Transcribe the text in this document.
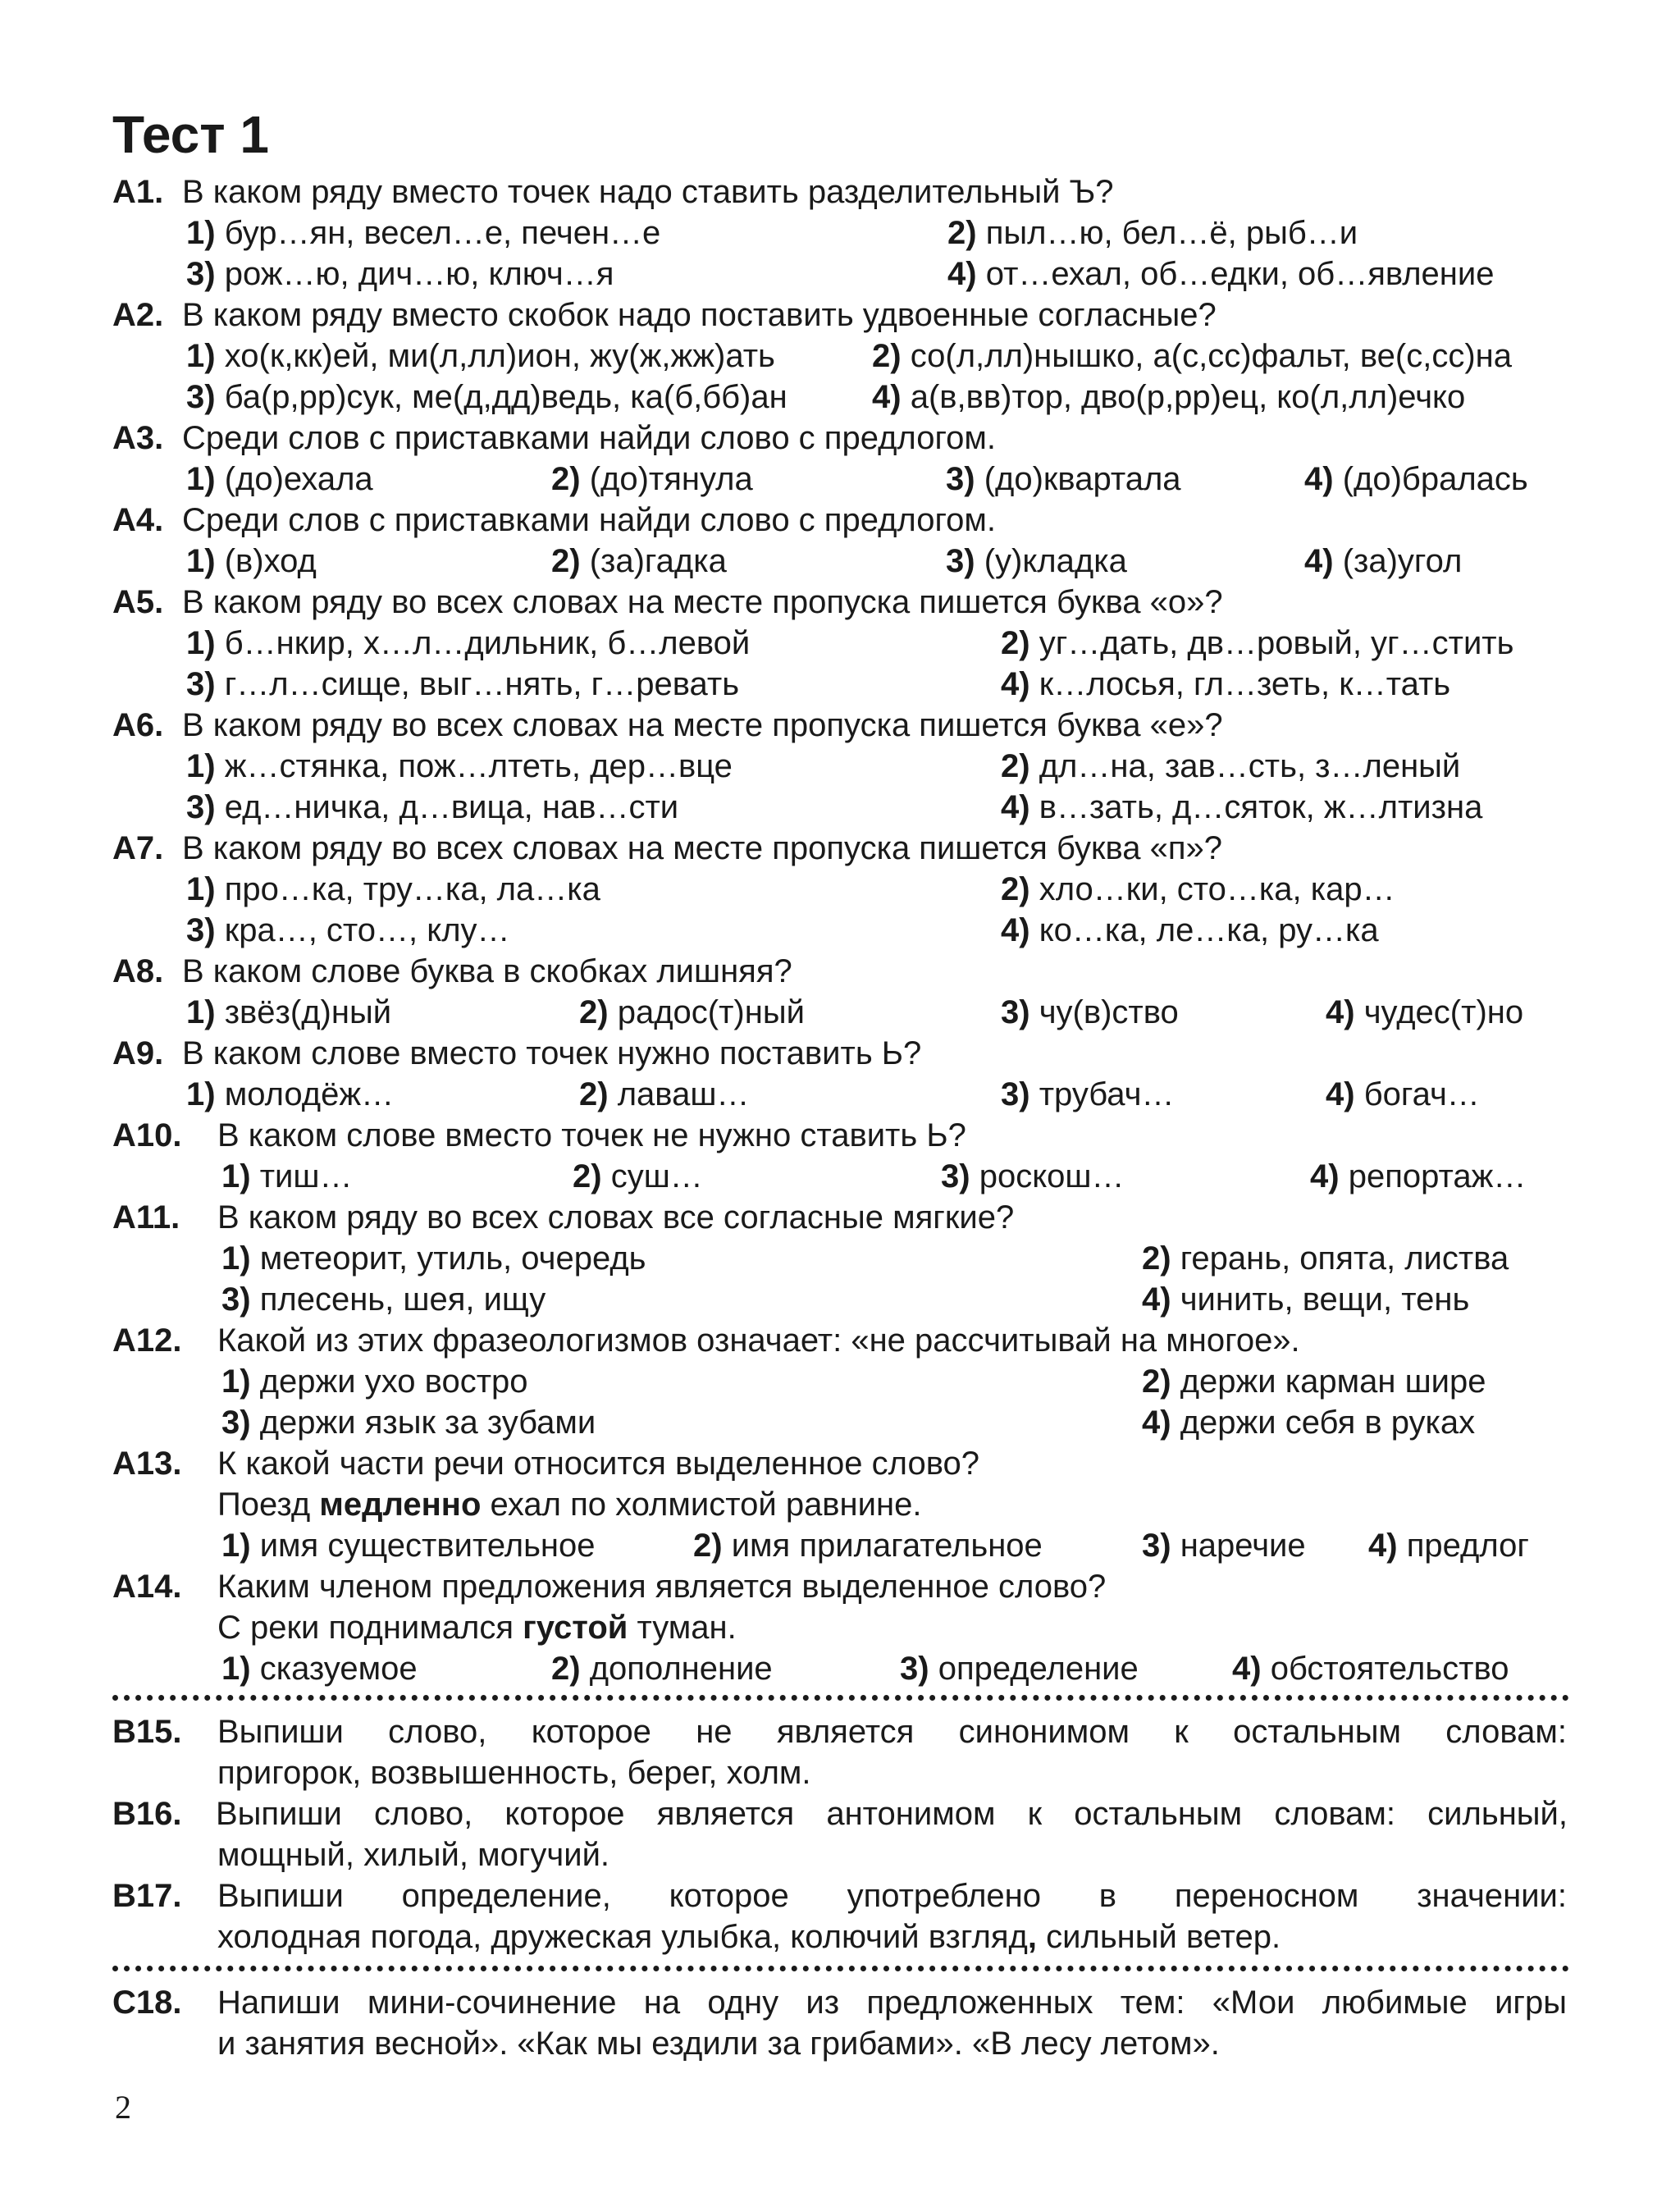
Тест 1
А1. В каком ряду вместо точек надо ставить разделительный Ъ?
1) бур…ян, весел…е, печен…е	2) пыл…ю, бел…ё, рыб…и
3) рож…ю, дич…ю, ключ…я	4) от…ехал, об…едки, об…явление
А2. В каком ряду вместо скобок надо поставить удвоенные согласные?
1) хо(к,кк)ей, ми(л,лл)ион, жу(ж,жж)ать	2) со(л,лл)нышко, а(с,сс)фальт, ве(с,сс)на
3) ба(р,рр)сук, ме(д,дд)ведь, ка(б,бб)ан	4) а(в,вв)тор, дво(р,рр)ец, ко(л,лл)ечко
А3. Среди слов с приставками найди слово с предлогом.
1) (до)ехала	2) (до)тянула	3) (до)квартала	4) (до)бралась
А4. Среди слов с приставками найди слово с предлогом.
1) (в)ход	2) (за)гадка	3) (у)кладка	4) (за)угол
А5. В каком ряду во всех словах на месте пропуска пишется буква «о»?
1) б…нкир, х…л…дильник, б…левой	2) уг…дать, дв…ровый, уг…стить
3) г…л…сище, выг…нять, г…ревать	4) к…лосья, гл…зеть, к…тать
А6. В каком ряду во всех словах на месте пропуска пишется буква «е»?
1) ж…стянка, пож…лтеть, дер…вце	2) дл…на, зав…сть, з…леный
3) ед…ничка, д…вица, нав…сти	4) в…зать, д…сяток, ж…лтизна
А7. В каком ряду во всех словах на месте пропуска пишется буква «п»?
1) про…ка, тру…ка, ла…ка	2) хло…ки, сто…ка, кар…
3) кра…, сто…, клу…	4) ко…ка, ле…ка, ру…ка
А8. В каком слове буква в скобках лишняя?
1) звёз(д)ный	2) радос(т)ный	3) чу(в)ство	4) чудес(т)но
А9. В каком слове вместо точек нужно поставить Ь?
1) молодёж…	2) лаваш…	3) трубач…	4) богач…
А10. В каком слове вместо точек не нужно ставить Ь?
1) тиш…	2) суш…	3) роскош…	4) репортаж…
А11. В каком ряду во всех словах все согласные мягкие?
1) метеорит, утиль, очередь	2) герань, опята, листва
3) плесень, шея, ищу	4) чинить, вещи, тень
А12. Какой из этих фразеологизмов означает: «не рассчитывай на многое».
1) держи ухо востро	2) держи карман шире
3) держи язык за зубами	4) держи себя в руках
А13. К какой части речи относится выделенное слово?
Поезд медленно ехал по холмистой равнине.
1) имя существительное	2) имя прилагательное	3) наречие 4) предлог
А14. Каким членом предложения является выделенное слово?
С реки поднимался густой туман.
1) сказуемое	2) дополнение	3) определение	4) обстоятельство
В15. Выпиши слово, которое не является синонимом к остальным словам:
пригорок, возвышенность, берег, холм.
В16. Выпиши слово, которое является антонимом к остальным словам: сильный,
мощный, хилый, могучий.
В17. Выпиши определение, которое употреблено в переносном значении:
холодная погода, дружеская улыбка, колючий взгляд, сильный ветер.
С18. Напиши мини-сочинение на одну из предложенных тем: «Мои любимые игры
и занятия весной». «Как мы ездили за грибами». «В лесу летом».

2
